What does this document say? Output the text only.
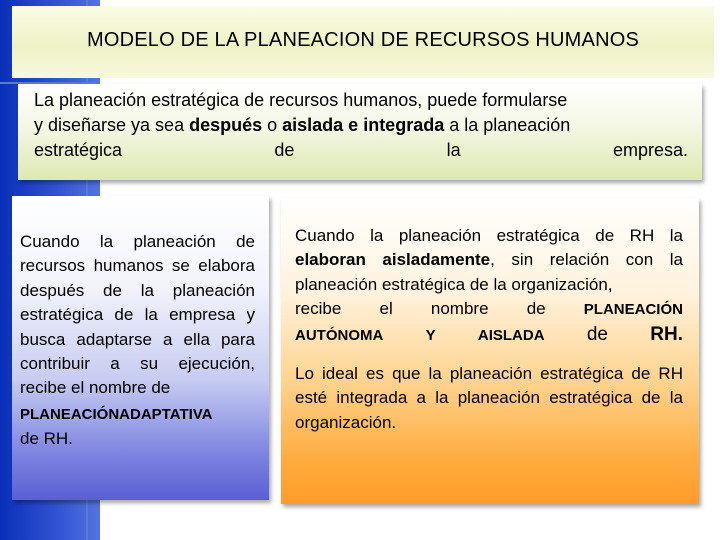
MODELO DE LA PLANEACION DE RECURSOS HUMANOS
La planeación estratégica de recursos humanos, puede formularse
y diseñarse ya sea después o aislada e integrada a la planeación
estratégica	de	la	empresa.
Cuando la planeación de recursos humanos se elabora después de la planeación estratégica de la empresa y busca adaptarse a ella para contribuir a su ejecución, recibe el nombre de
PLANEACIÓNADAPTATIVA
de RH.

Cuando la planeación estratégica de RH la elaboran aisladamente, sin relación con la planeación estratégica de la organización,

recibe el nombre de	PLANEACIÓN
AUTÓNOMA	Y	AISLADA de RH.

Lo ideal es que la planeación estratégica de RH esté integrada a la planeación estratégica de la organización.
